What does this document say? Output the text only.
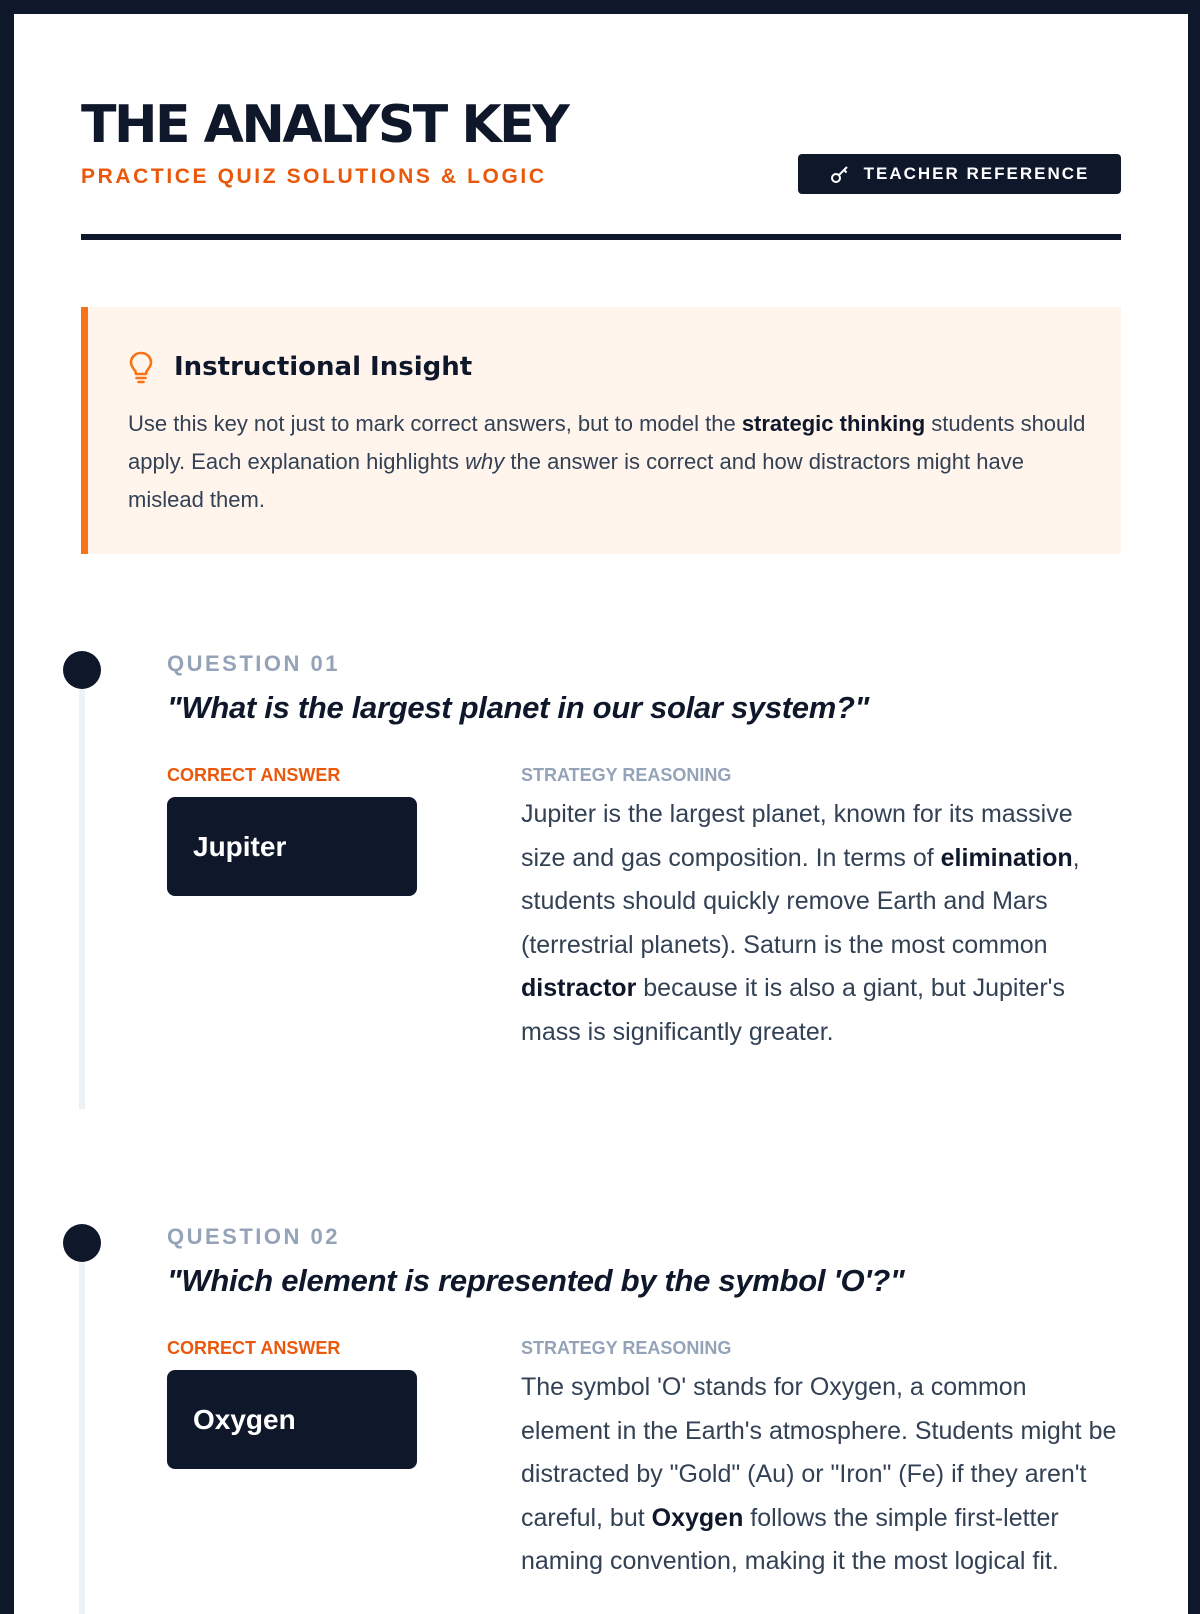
THE ANALYST KEY

PRACTICE QUIZ SOLUTIONS & LOGIC	TEACHER REFERENCE
Instructional Insight

Use this key not just to mark correct answers, but to model the strategic thinking students should apply. Each explanation highlights why the answer is correct and how distractors might have mislead them.

QUESTION 01
"What is the largest planet in our solar system?"
CORRECT ANSWER
Jupiter
STRATEGY REASONING

Jupiter is the largest planet, known for its massive size and gas composition. In terms of elimination, students should quickly remove Earth and Mars (terrestrial planets). Saturn is the most common distractor because it is also a giant, but Jupiter's mass is significantly greater.

QUESTION 02
"Which element is represented by the symbol 'O'?"
CORRECT ANSWER
Oxygen
STRATEGY REASONING

The symbol 'O' stands for Oxygen, a common element in the Earth's atmosphere. Students might be distracted by "Gold" (Au) or "Iron" (Fe) if they aren't careful, but Oxygen follows the simple first-letter naming convention, making it the most logical fit.
